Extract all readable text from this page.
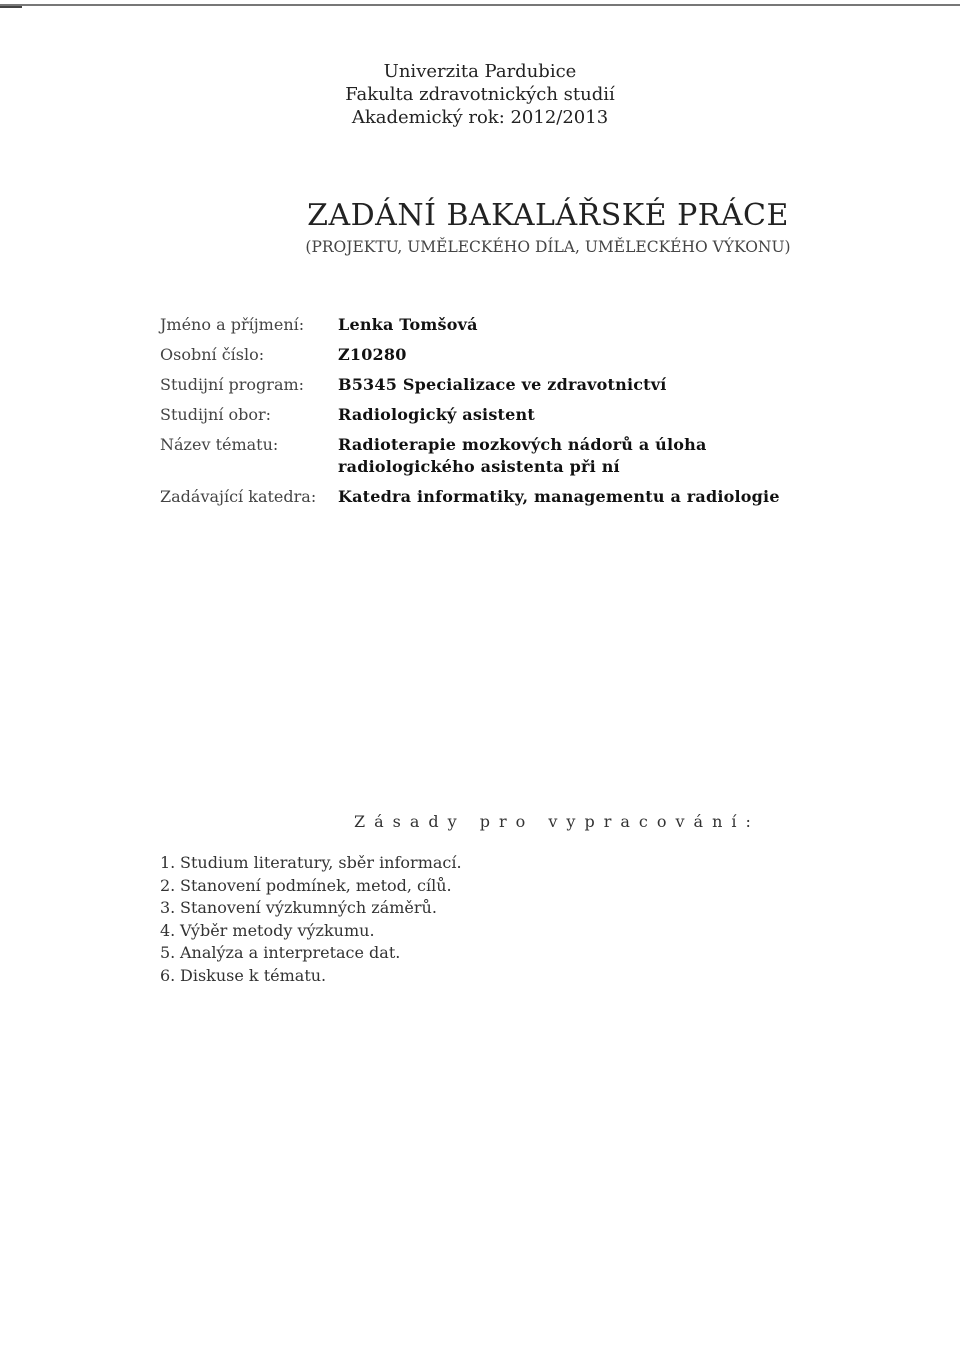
Univerzita Pardubice
Fakulta zdravotnických studií
Akademický rok: 2012/2013
ZADÁNÍ BAKALÁŘSKÉ PRÁCE
(PROJEKTU, UMĚLECKÉHO DÍLA, UMĚLECKÉHO VÝKONU)
Jméno a příjmení:	Lenka Tomšová
Osobní číslo:	Z10280
Studijní program:	B5345 Specializace ve zdravotnictví
Studijní obor:	Radiologický asistent
Název tématu:	Radioterapie mozkových nádorů a úloha radiologického asistenta při ní
Zadávající katedra:	Katedra informatiky, managementu a radiologie
Zásady pro vypracování:
1. Studium literatury, sběr informací.
2. Stanovení podmínek, metod, cílů.
3. Stanovení výzkumných záměrů.
4. Výběr metody výzkumu.
5. Analýza a interpretace dat.
6. Diskuse k tématu.
